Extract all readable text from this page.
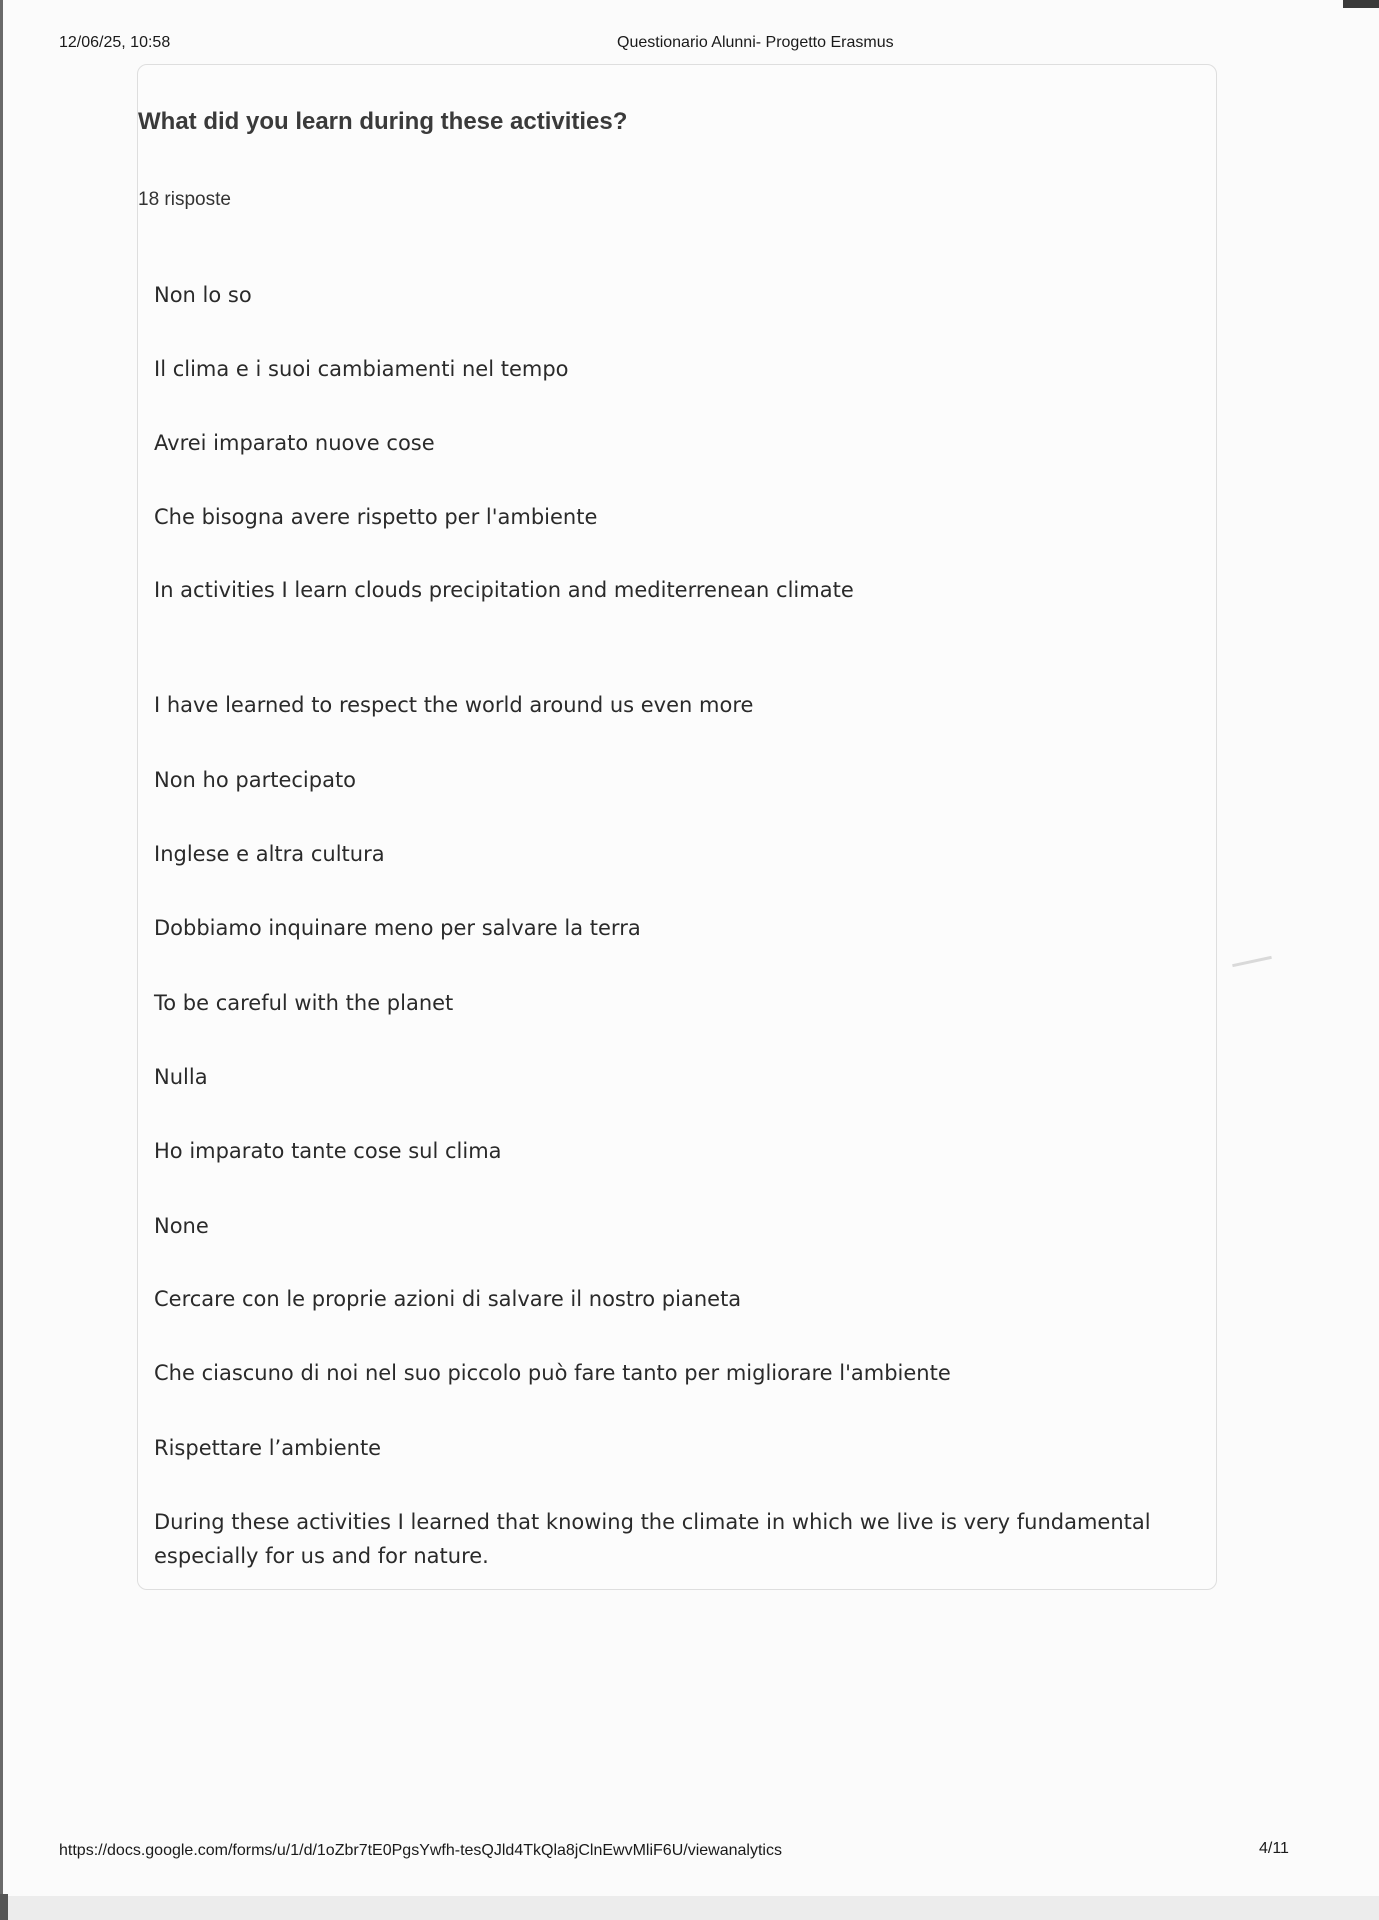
12/06/25, 10:58	Questionario Alunni- Progetto Erasmus
What did you learn during these activities?
18 risposte
Non lo so
Il clima e i suoi cambiamenti nel tempo
Avrei imparato nuove cose
Che bisogna avere rispetto per l'ambiente
In activities I learn clouds precipitation and mediterrenean climate
I have learned to respect the world around us even more
Non ho partecipato
Inglese e altra cultura
Dobbiamo inquinare meno per salvare la terra
To be careful with the planet
Nulla
Ho imparato tante cose sul clima
None
Cercare con le proprie azioni di salvare il nostro pianeta
Che ciascuno di noi nel suo piccolo può fare tanto per migliorare l'ambiente
Rispettare l’ambiente
During these activities I learned that knowing the climate in which we live is very fundamental especially for us and for nature.
https://docs.google.com/forms/u/1/d/1oZbr7tE0PgsYwfh-tesQJld4TkQla8jClnEwvMliF6U/viewanalytics	4/11
